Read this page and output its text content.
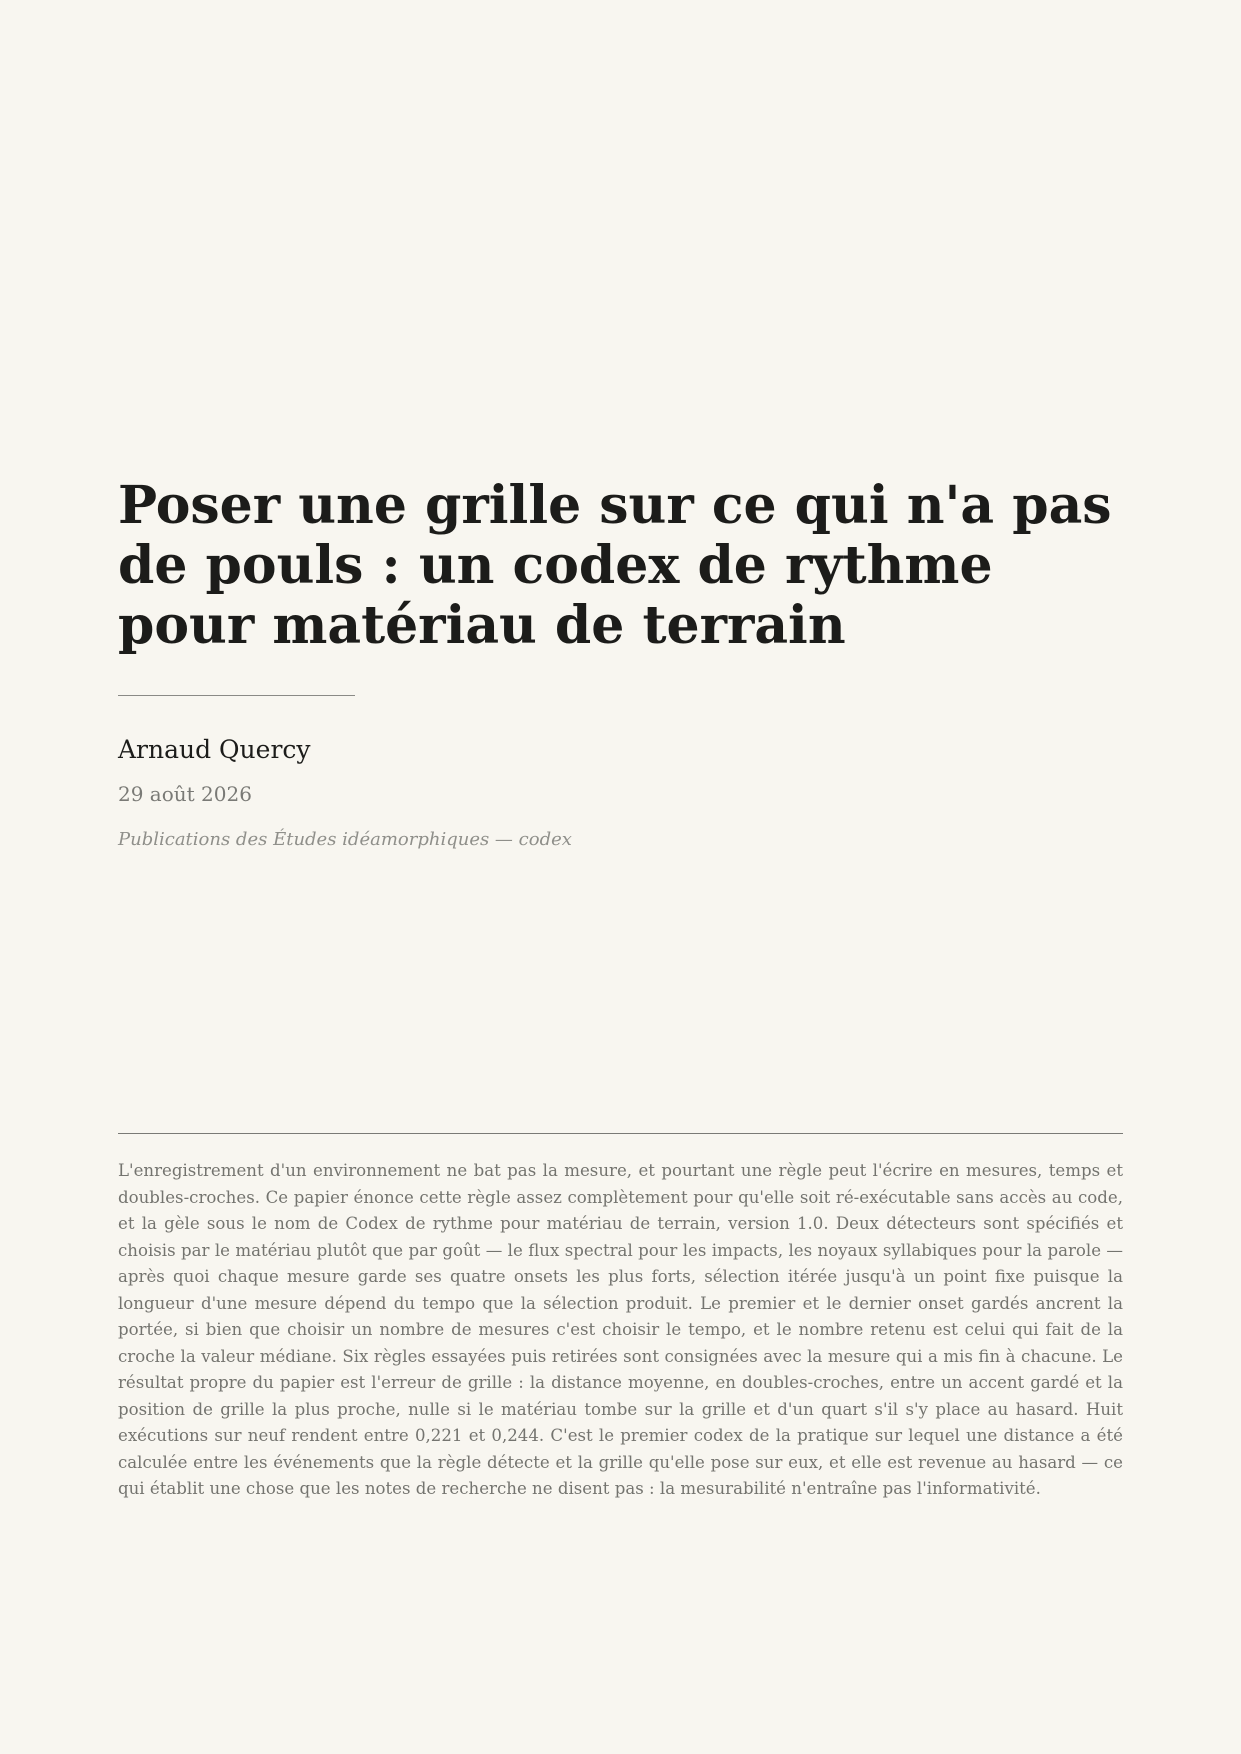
Poser une grille sur ce qui n'a pas de pouls : un codex de rythme pour matériau de terrain
Arnaud Quercy
29 août 2026
Publications des Études idéamorphiques — codex

L'enregistrement d'un environnement ne bat pas la mesure, et pourtant une règle peut l'écrire en mesures, temps et doubles-croches. Ce papier énonce cette règle assez complètement pour qu'elle soit ré-exécutable sans accès au code, et la gèle sous le nom de Codex de rythme pour matériau de terrain, version 1.0. Deux détecteurs sont spécifiés et choisis par le matériau plutôt que par goût — le flux spectral pour les impacts, les noyaux syllabiques pour la parole — après quoi chaque mesure garde ses quatre onsets les plus forts, sélection itérée jusqu'à un point fixe puisque la longueur d'une mesure dépend du tempo que la sélection produit. Le premier et le dernier onset gardés ancrent la portée, si bien que choisir un nombre de mesures c'est choisir le tempo, et le nombre retenu est celui qui fait de la croche la valeur médiane. Six règles essayées puis retirées sont consignées avec la mesure qui a mis fin à chacune. Le résultat propre du papier est l'erreur de grille : la distance moyenne, en doubles-croches, entre un accent gardé et la position de grille la plus proche, nulle si le matériau tombe sur la grille et d'un quart s'il s'y place au hasard. Huit exécutions sur neuf rendent entre 0,221 et 0,244. C'est le premier codex de la pratique sur lequel une distance a été calculée entre les événements que la règle détecte et la grille qu'elle pose sur eux, et elle est revenue au hasard — ce qui établit une chose que les notes de recherche ne disent pas : la mesurabilité n'entraîne pas l'informativité.
